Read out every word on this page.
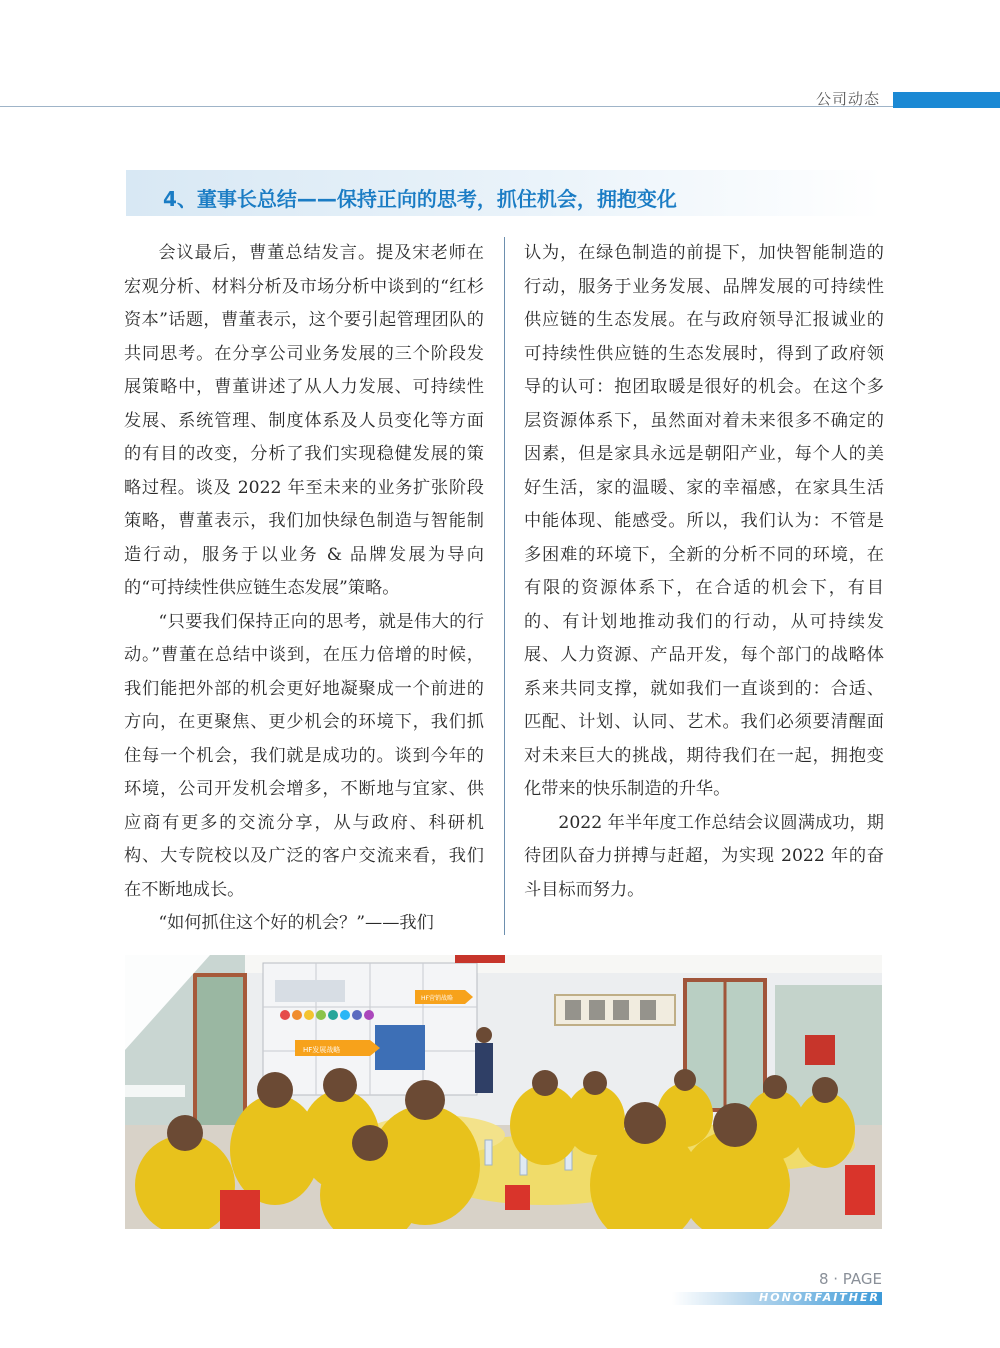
公司动态
4、董事长总结——保持正向的思考，抓住机会，拥抱变化

会议最后，曹董总结发言。提及宋老师在宏观分析、材料分析及市场分析中谈到的“红杉资本”话题，曹董表示，这个要引起管理团队的共同思考。在分享公司业务发展的三个阶段发展策略中，曹董讲述了从人力发展、可持续性发展、系统管理、制度体系及人员变化等方面的有目的改变，分析了我们实现稳健发展的策略过程。谈及 2022 年至未来的业务扩张阶段策略，曹董表示，我们加快绿色制造与智能制造行动，服务于以业务 & 品牌发展为导向的“可持续性供应链生态发展”策略。

“只要我们保持正向的思考，就是伟大的行动。”曹董在总结中谈到，在压力倍增的时候，我们能把外部的机会更好地凝聚成一个前进的方向，在更聚焦、更少机会的环境下，我们抓住每一个机会，我们就是成功的。谈到今年的环境，公司开发机会增多，不断地与宜家、供应商有更多的交流分享，从与政府、科研机构、大专院校以及广泛的客户交流来看，我们在不断地成长。

“如何抓住这个好的机会？”——我们

认为，在绿色制造的前提下，加快智能制造的行动，服务于业务发展、品牌发展的可持续性供应链的生态发展。在与政府领导汇报诚业的可持续性供应链的生态发展时，得到了政府领导的认可：抱团取暖是很好的机会。在这个多层资源体系下，虽然面对着未来很多不确定的因素，但是家具永远是朝阳产业，每个人的美好生活，家的温暖、家的幸福感，在家具生活中能体现、能感受。所以，我们认为：不管是多困难的环境下，全新的分析不同的环境，在有限的资源体系下，在合适的机会下，有目的、有计划地推动我们的行动，从可持续发展、人力资源、产品开发，每个部门的战略体系来共同支撑，就如我们一直谈到的：合适、匹配、计划、认同、艺术。我们必须要清醒面对未来巨大的挑战，期待我们在一起，拥抱变化带来的快乐制造的升华。

2022 年半年度工作总结会议圆满成功，期待团队奋力拼搏与赶超，为实现 2022 年的奋斗目标而努力。

HF发展战略
HF营销战略
8 · PAGE
HONORFAITHER
